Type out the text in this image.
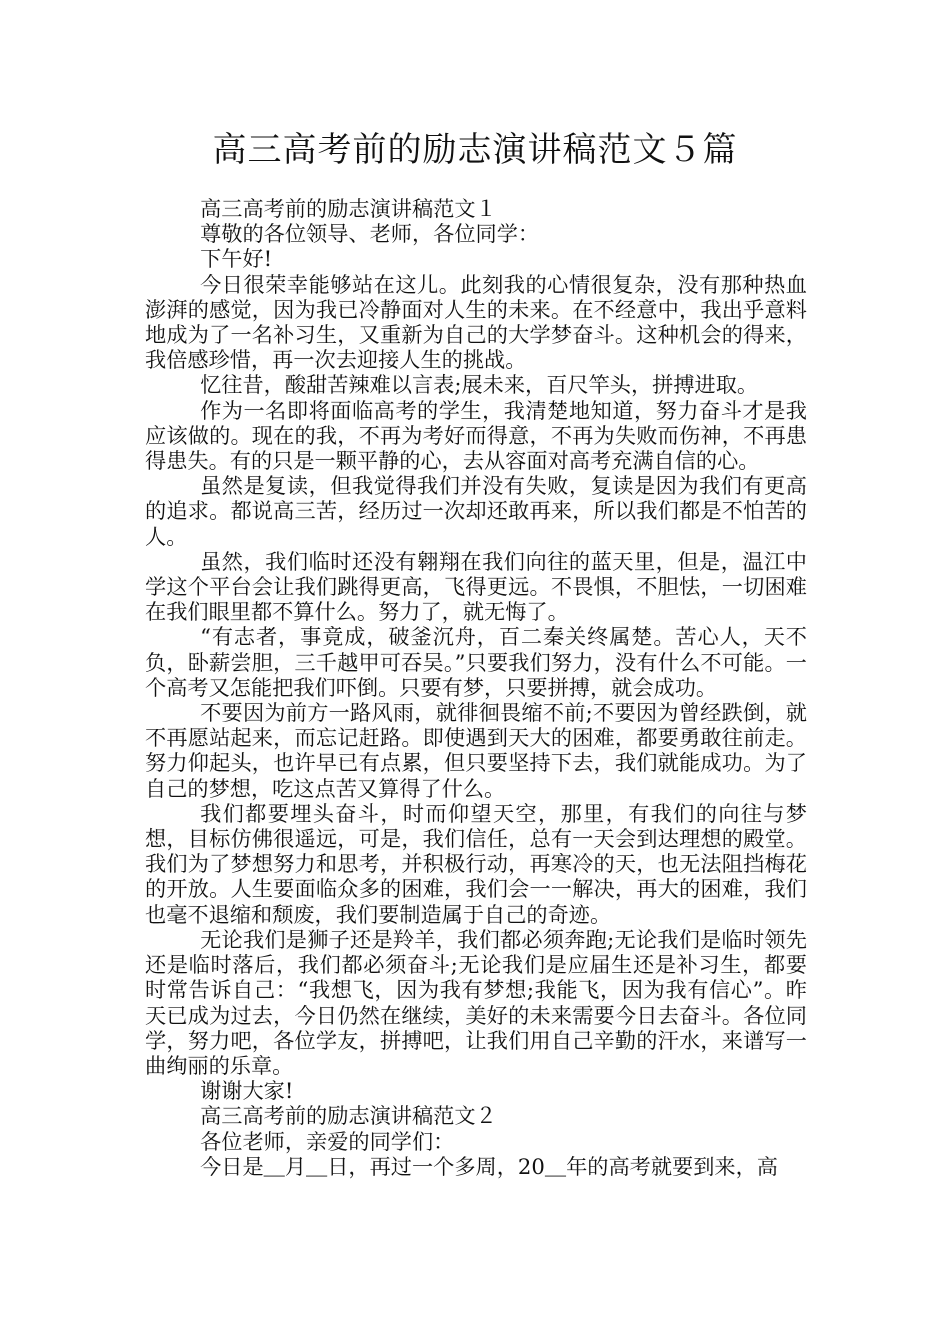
高三高考前的励志演讲稿范文５篇

高三高考前的励志演讲稿范文１

尊敬的各位领导、老师，各位同学：

下午好!

今日很荣幸能够站在这儿。此刻我的心情很复杂，没有那种热血澎湃的感觉，因为我已冷静面对人生的未来。在不经意中，我出乎意料地成为了一名补习生，又重新为自己的大学梦奋斗。这种机会的得来，我倍感珍惜，再一次去迎接人生的挑战。

忆往昔，酸甜苦辣难以言表;展未来，百尺竿头，拼搏进取。

作为一名即将面临高考的学生，我清楚地知道，努力奋斗才是我应该做的。现在的我，不再为考好而得意，不再为失败而伤神，不再患得患失。有的只是一颗平静的心，去从容面对高考充满自信的心。

虽然是复读，但我觉得我们并没有失败，复读是因为我们有更高的追求。都说高三苦，经历过一次却还敢再来，所以我们都是不怕苦的人。

虽然，我们临时还没有翱翔在我们向往的蓝天里，但是，温江中学这个平台会让我们跳得更高，飞得更远。不畏惧，不胆怯，一切困难在我们眼里都不算什么。努力了，就无悔了。

“有志者，事竟成，破釜沉舟，百二秦关终属楚。苦心人，天不负，卧薪尝胆，三千越甲可吞吴。”只要我们努力，没有什么不可能。一个高考又怎能把我们吓倒。只要有梦，只要拼搏，就会成功。

不要因为前方一路风雨，就徘徊畏缩不前;不要因为曾经跌倒，就不再愿站起来，而忘记赶路。即使遇到天大的困难，都要勇敢往前走。努力仰起头，也许早已有点累，但只要坚持下去，我们就能成功。为了自己的梦想，吃这点苦又算得了什么。

我们都要埋头奋斗，时而仰望天空，那里，有我们的向往与梦想，目标仿佛很遥远，可是，我们信任，总有一天会到达理想的殿堂。我们为了梦想努力和思考，并积极行动，再寒冷的天，也无法阻挡梅花的开放。人生要面临众多的困难，我们会一一解决，再大的困难，我们也毫不退缩和颓废，我们要制造属于自己的奇迹。

无论我们是狮子还是羚羊，我们都必须奔跑;无论我们是临时领先还是临时落后，我们都必须奋斗;无论我们是应届生还是补习生，都要时常告诉自己：“我想飞，因为我有梦想;我能飞，因为我有信心”。昨天已成为过去，今日仍然在继续，美好的未来需要今日去奋斗。各位同学，努力吧，各位学友，拼搏吧，让我们用自己辛勤的汗水，来谱写一曲绚丽的乐章。

谢谢大家!

高三高考前的励志演讲稿范文２

各位老师，亲爱的同学们：

今日是＿月＿日，再过一个多周，20＿年的高考就要到来，高
